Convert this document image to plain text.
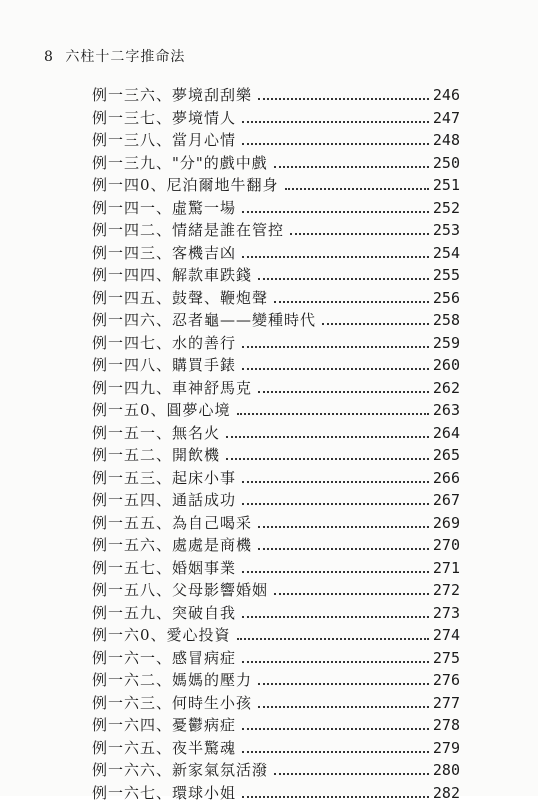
8 六柱十二字推命法
例一三六、夢境刮刮樂	246
例一三七、夢境情人	247
例一三八、當月心情	248
例一三九、"分"的戲中戲	250
例一四0、尼泊爾地牛翻身	251
例一四一、虛驚一場	252
例一四二、情緒是誰在管控	253
例一四三、客機吉凶	254
例一四四、解款車跌錢	255
例一四五、鼓聲、鞭炮聲	256
例一四六、忍者龜——變種時代	258
例一四七、水的善行	259
例一四八、購買手錶	260
例一四九、車神舒馬克	262
例一五0、圓夢心境	263
例一五一、無名火	264
例一五二、開飲機	265
例一五三、起床小事	266
例一五四、通話成功	267
例一五五、為自己喝采	269
例一五六、處處是商機	270
例一五七、婚姻事業	271
例一五八、父母影響婚姻	272
例一五九、突破自我	273
例一六0、愛心投資	274
例一六一、感冒病症	275
例一六二、媽媽的壓力	276
例一六三、何時生小孩	277
例一六四、憂鬱病症	278
例一六五、夜半驚魂	279
例一六六、新家氣氛活潑	280
例一六七、環球小姐	282
